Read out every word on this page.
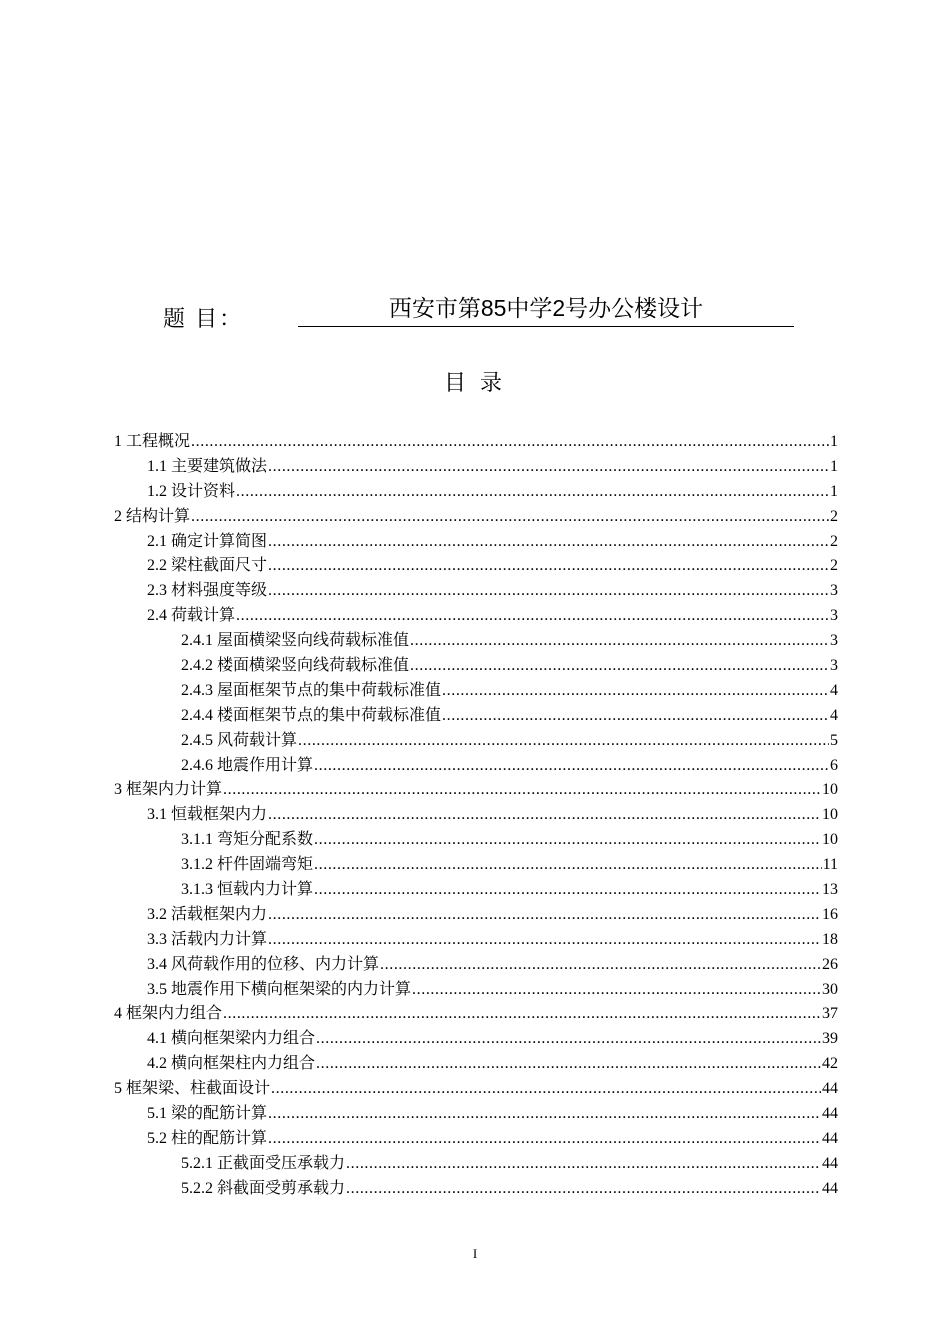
题 目：	西安市第85中学2号办公楼设计
目 录
1 工程概况 .....	1
1.1 主要建筑做法 .....	1
1.2 设计资料 .....	1
2 结构计算 .....	2
2.1 确定计算简图 .....	2
2.2 梁柱截面尺寸 .....	2
2.3 材料强度等级 .....	3
2.4 荷载计算 .....	3
2.4.1 屋面横梁竖向线荷载标准值 .....	3
2.4.2 楼面横梁竖向线荷载标准值 .....	3
2.4.3 屋面框架节点的集中荷载标准值 .....	4
2.4.4 楼面框架节点的集中荷载标准值 .....	4
2.4.5 风荷载计算 .....	5
2.4.6 地震作用计算 .....	6
3 框架内力计算 .....	10
3.1 恒载框架内力 .....	10
3.1.1 弯矩分配系数 .....	10
3.1.2 杆件固端弯矩 .....	11
3.1.3 恒载内力计算 .....	13
3.2 活载框架内力 .....	16
3.3 活载内力计算 .....	18
3.4 风荷载作用的位移、内力计算 .....	26
3.5 地震作用下横向框架梁的内力计算 .....	30
4 框架内力组合 .....	37
4.1 横向框架梁内力组合 .....	39
4.2 横向框架柱内力组合 .....	42
5 框架梁、柱截面设计 .....	44
5.1 梁的配筋计算 .....	44
5.2 柱的配筋计算 .....	44
5.2.1 正截面受压承载力 .....	44
5.2.2 斜截面受剪承载力 .....	44
I
